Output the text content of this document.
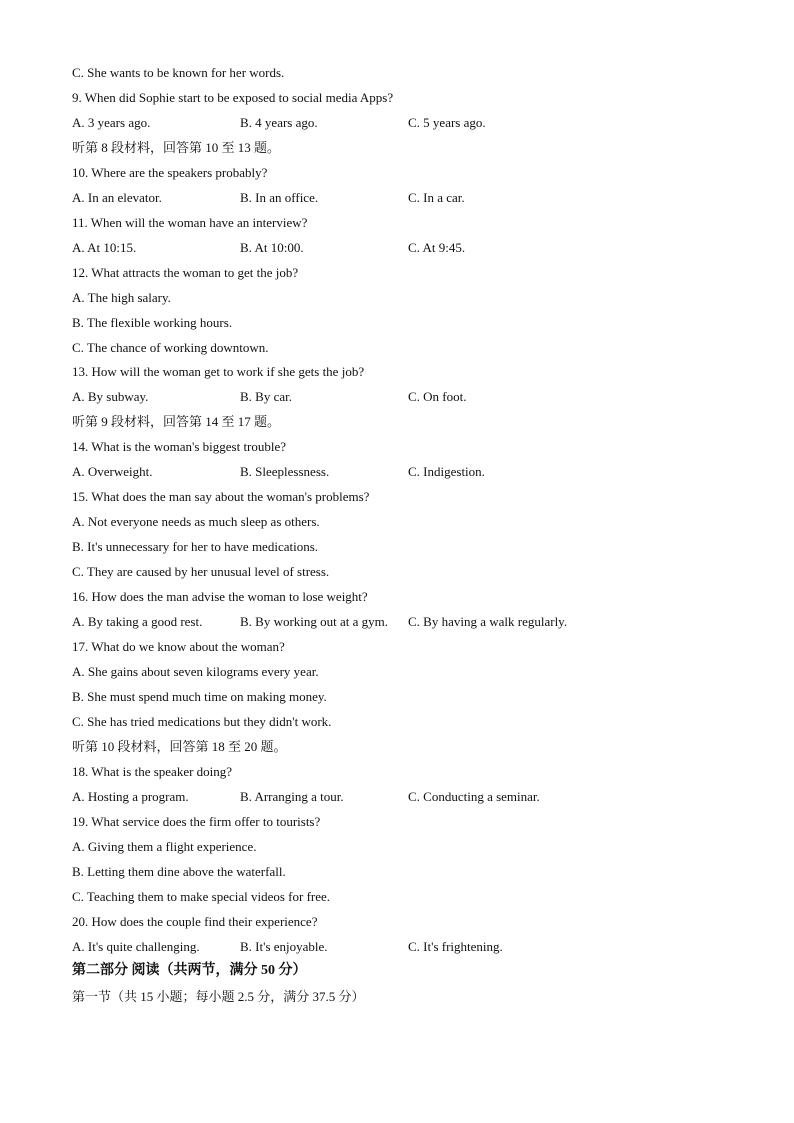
C. She wants to be known for her words.
9. When did Sophie start to be exposed to social media Apps?
A. 3 years ago.	B. 4 years ago.	C. 5 years ago.
听第 8 段材料，回答第 10 至 13 题。
10. Where are the speakers probably?
A. In an elevator.	B. In an office.	C. In a car.
11. When will the woman have an interview?
A. At 10:15.	B. At 10:00.	C. At 9:45.
12. What attracts the woman to get the job?
A. The high salary.
B. The flexible working hours.
C. The chance of working downtown.
13. How will the woman get to work if she gets the job?
A. By subway.	B. By car.	C. On foot.
听第 9 段材料，回答第 14 至 17 题。
14. What is the woman's biggest trouble?
A. Overweight.	B. Sleeplessness.	C. Indigestion.
15. What does the man say about the woman's problems?
A. Not everyone needs as much sleep as others.
B. It's unnecessary for her to have medications.
C. They are caused by her unusual level of stress.
16. How does the man advise the woman to lose weight?
A. By taking a good rest.	B. By working out at a gym. C. By having a walk regularly.
17. What do we know about the woman?
A. She gains about seven kilograms every year.
B. She must spend much time on making money.
C. She has tried medications but they didn't work.
听第 10 段材料，回答第 18 至 20 题。
18. What is the speaker doing?
A. Hosting a program.	B. Arranging a tour.	C. Conducting a seminar.
19. What service does the firm offer to tourists?
A. Giving them a flight experience.
B. Letting them dine above the waterfall.
C. Teaching them to make special videos for free.
20. How does the couple find their experience?
A. It's quite challenging.	B. It's enjoyable.	C. It's frightening.
第二部分 阅读（共两节，满分 50 分）
第一节（共 15 小题；每小题 2.5 分，满分 37.5 分）
